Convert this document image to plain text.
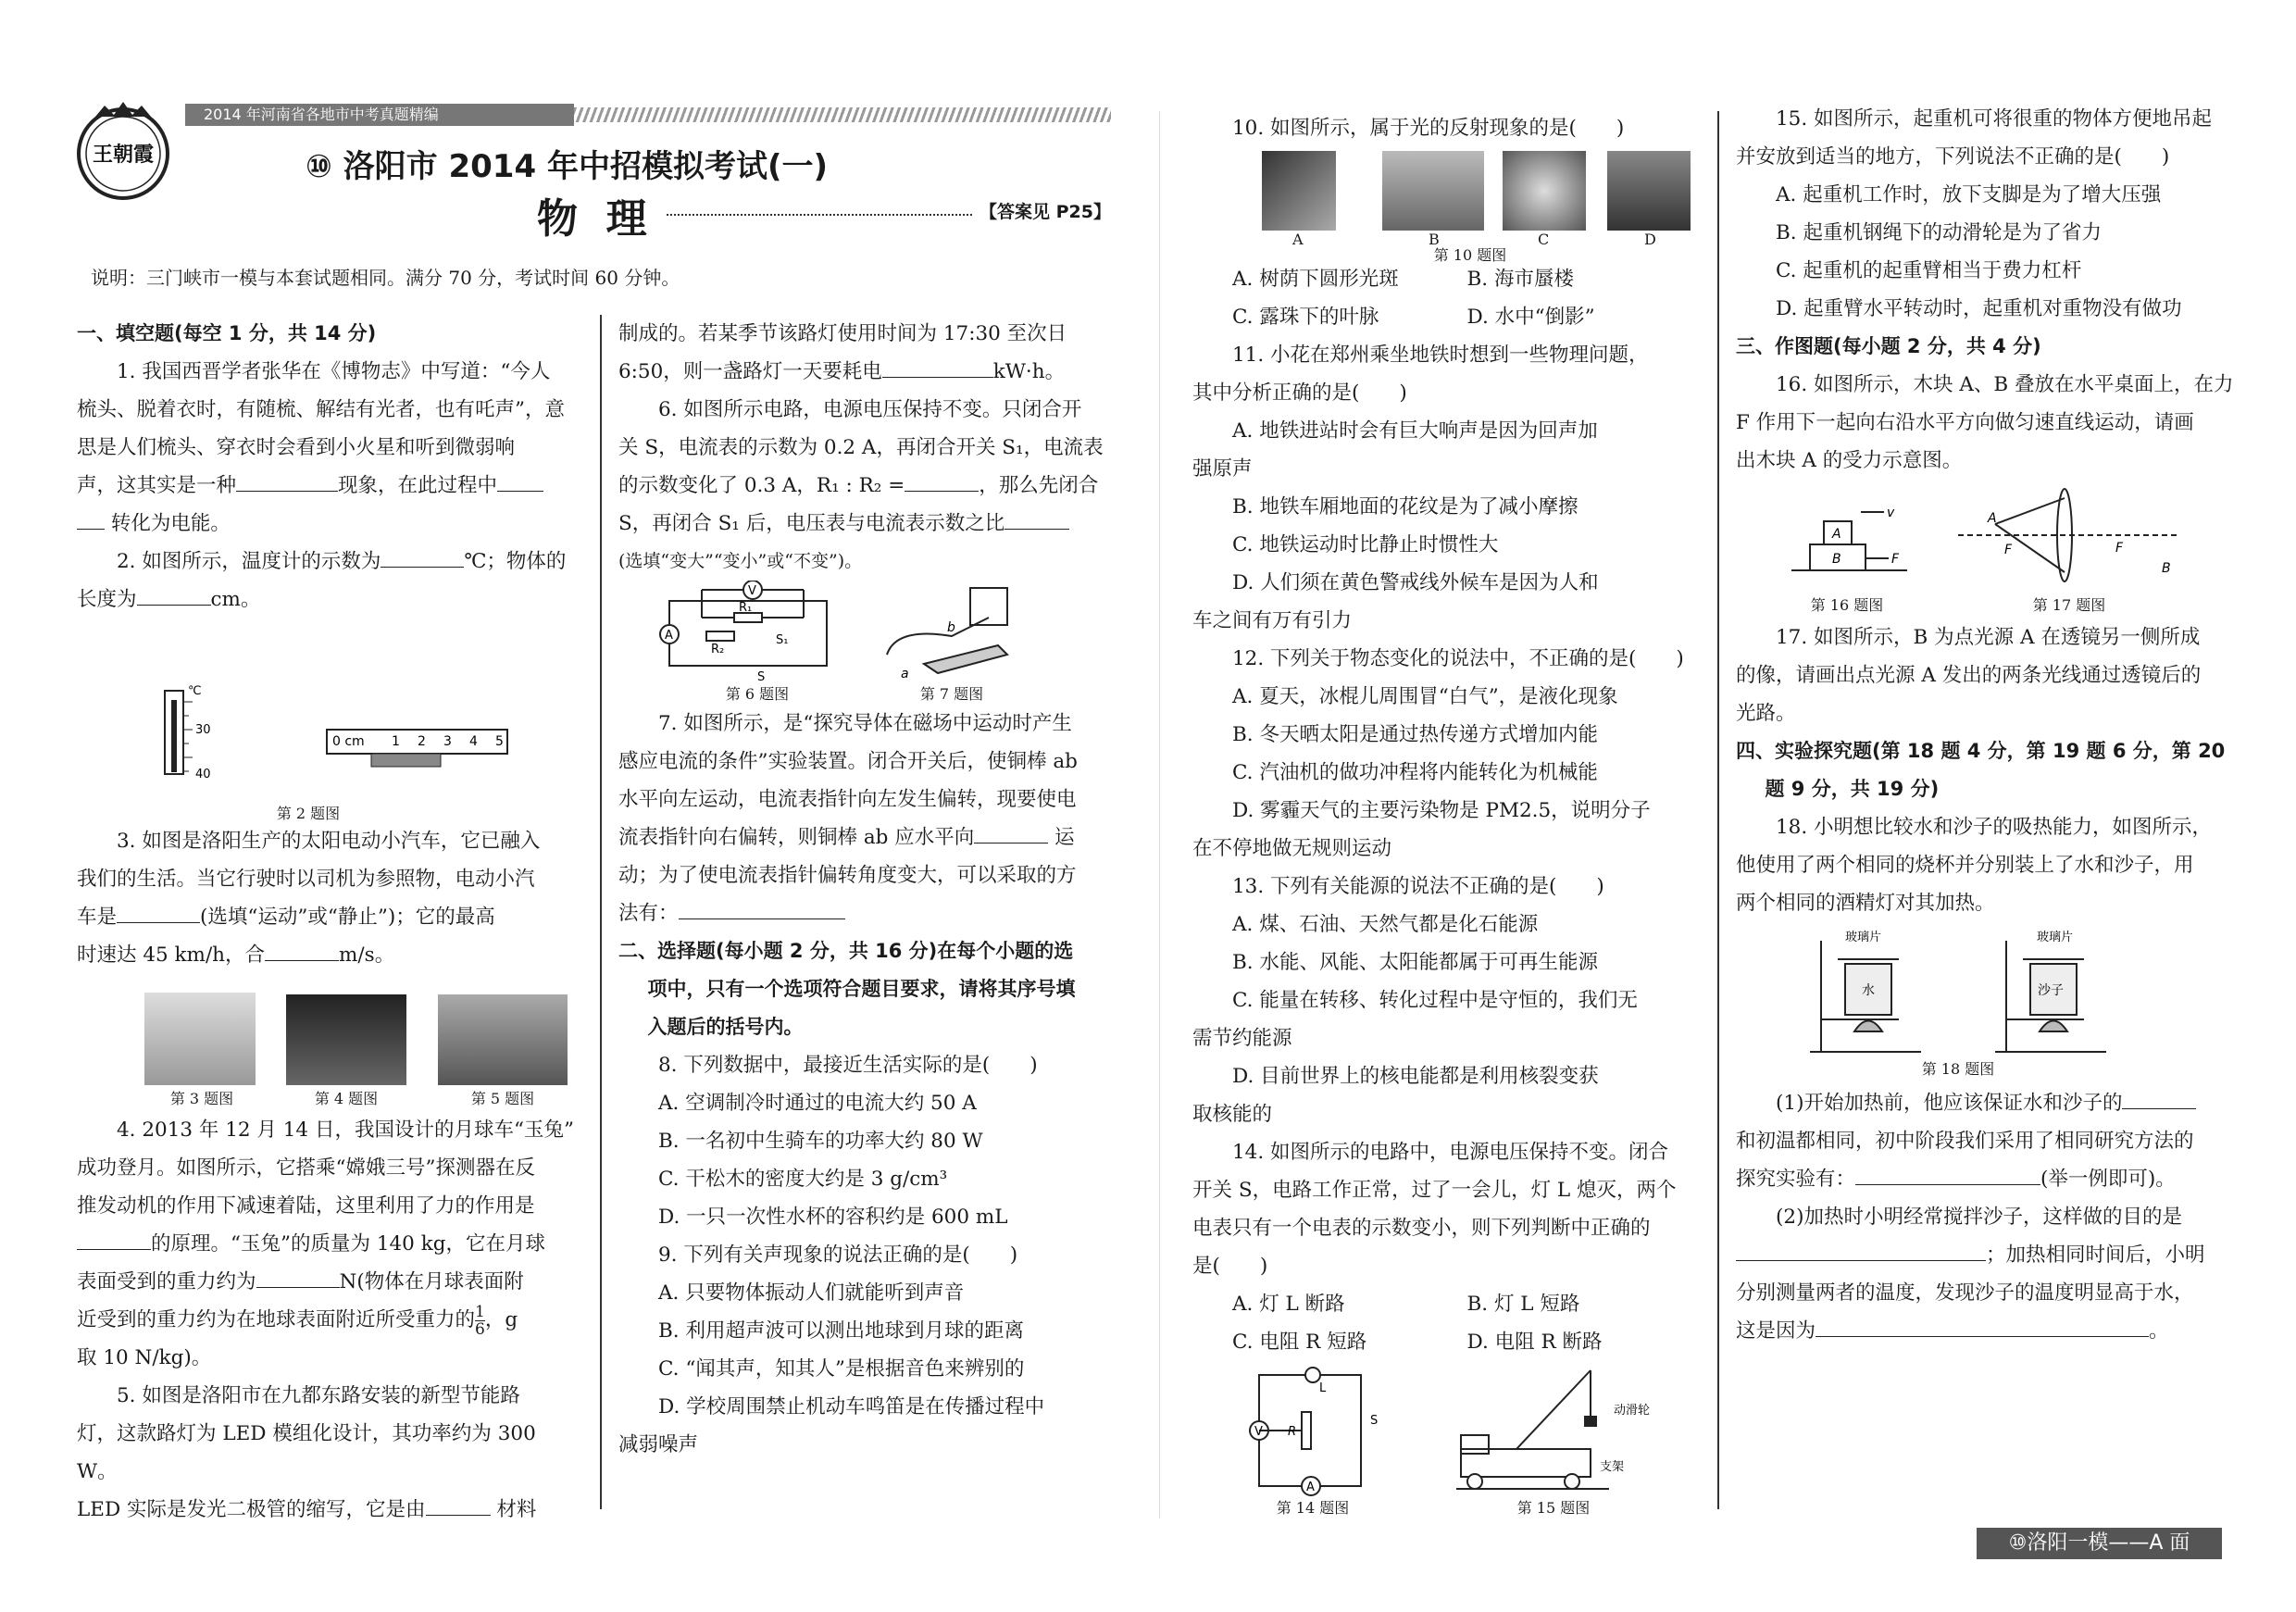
王朝霞
2014 年河南省各地市中考真题精编
⑩ 洛阳市 2014 年中招模拟考试(一)
物  理	【答案见 P25】
说明：三门峡市一模与本套试题相同。满分 70 分，考试时间 60 分钟。

一、填空题(每空 1 分，共 14 分)

1. 我国西晋学者张华在《博物志》中写道：“今人

梳头、脱着衣时，有随梳、解结有光者，也有吒声”，意

思是人们梳头、穿衣时会看到小火星和听到微弱响

声，这其实是一种	现象，在此过程中

转化为电能。

2. 如图所示，温度计的示数为	℃；物体的

长度为	cm。

℃
30
40
0 cm 1 2 3 4 5
第 2 题图

3. 如图是洛阳生产的太阳电动小汽车，它已融入

我们的生活。当它行驶时以司机为参照物，电动小汽

车是	(选填“运动”或“静止”)；它的最高

时速达 45 km/h，合	m/s。

第 3 题图	第 4 题图	第 5 题图

4. 2013 年 12 月 14 日，我国设计的月球车“玉兔”

成功登月。如图所示，它搭乘“嫦娥三号”探测器在反

推发动机的作用下减速着陆，这里利用了力的作用是

的原理。“玉兔”的质量为 140 kg，它在月球

表面受到的重力约为	N(物体在月球表面附

近受到的重力约为在地球表面附近所受重力的 $\frac{1}{6}$ ，g

取 10 N/kg)。

5. 如图是洛阳市在九都东路安装的新型节能路

灯，这款路灯为 LED 模组化设计，其功率约为 300 W。

LED 实际是发光二极管的缩写，它是由	材料

制成的。若某季节该路灯使用时间为 17:30 至次日

6:50，则一盏路灯一天要耗电	kW·h。

6. 如图所示电路，电源电压保持不变。只闭合开

关 S，电流表的示数为 0.2 A，再闭合开关 S₁，电流表

的示数变化了 0.3 A，R₁ : R₂ =	，那么先闭合

S，再闭合 S₁ 后，电压表与电流表示数之比

(选填“变大”“变小”或“不变”)。

V
R₁
A
R₂
S₁
S
b
a
第 6 题图	第 7 题图

7. 如图所示，是“探究导体在磁场中运动时产生

感应电流的条件”实验装置。闭合开关后，使铜棒 ab

水平向左运动，电流表指针向左发生偏转，现要使电

流表指针向右偏转，则铜棒 ab 应水平向	运

动；为了使电流表指针偏转角度变大，可以采取的方

法有：

二、选择题(每小题 2 分，共 16 分)在每个小题的选

项中，只有一个选项符合题目要求，请将其序号填

入题后的括号内。

8. 下列数据中，最接近生活实际的是(　　)

A. 空调制冷时通过的电流大约 50 A

B. 一名初中生骑车的功率大约 80 W

C. 干松木的密度大约是 3 g/cm³

D. 一只一次性水杯的容积约是 600 mL

9. 下列有关声现象的说法正确的是(　　)

A. 只要物体振动人们就能听到声音

B. 利用超声波可以测出地球到月球的距离

C. “闻其声，知其人”是根据音色来辨别的

D. 学校周围禁止机动车鸣笛是在传播过程中

减弱噪声

10. 如图所示，属于光的反射现象的是(　　)

A	B	C	D
第 10 题图

A. 树荫下圆形光斑	B. 海市蜃楼

C. 露珠下的叶脉	D. 水中“倒影”

11. 小花在郑州乘坐地铁时想到一些物理问题，

其中分析正确的是(　　)

A. 地铁进站时会有巨大响声是因为回声加

强原声

B. 地铁车厢地面的花纹是为了减小摩擦

C. 地铁运动时比静止时惯性大

D. 人们须在黄色警戒线外候车是因为人和

车之间有万有引力

12. 下列关于物态变化的说法中，不正确的是(　　)

A. 夏天，冰棍儿周围冒“白气”，是液化现象

B. 冬天晒太阳是通过热传递方式增加内能

C. 汽油机的做功冲程将内能转化为机械能

D. 雾霾天气的主要污染物是 PM2.5，说明分子

在不停地做无规则运动

13. 下列有关能源的说法不正确的是(　　)

A. 煤、石油、天然气都是化石能源

B. 水能、风能、太阳能都属于可再生能源

C. 能量在转移、转化过程中是守恒的，我们无

需节约能源

D. 目前世界上的核电能都是利用核裂变获

取核能的

14. 如图所示的电路中，电源电压保持不变。闭合

开关 S，电路工作正常，过了一会儿，灯 L 熄灭，两个

电表只有一个电表的示数变小，则下列判断中正确的

是(　　)

A. 灯 L 断路	B. 灯 L 短路

C. 电阻 R 短路	D. 电阻 R 断路

L
S
V R
A
动滑轮
支架
第 14 题图	第 15 题图

15. 如图所示，起重机可将很重的物体方便地吊起

并安放到适当的地方，下列说法不正确的是(　　)

A. 起重机工作时，放下支脚是为了增大压强

B. 起重机钢绳下的动滑轮是为了省力

C. 起重机的起重臂相当于费力杠杆

D. 起重臂水平转动时，起重机对重物没有做功

三、作图题(每小题 2 分，共 4 分)

16. 如图所示，木块 A、B 叠放在水平桌面上，在力

F 作用下一起向右沿水平方向做匀速直线运动，请画

出木块 A 的受力示意图。

A
B	F
v	A
F	F
B
第 16 题图	第 17 题图

17. 如图所示，B 为点光源 A 在透镜另一侧所成

的像，请画出点光源 A 发出的两条光线通过透镜后的

光路。

四、实验探究题(第 18 题 4 分，第 19 题 6 分，第 20

题 9 分，共 19 分)

18. 小明想比较水和沙子的吸热能力，如图所示，

他使用了两个相同的烧杯并分别装上了水和沙子，用

两个相同的酒精灯对其加热。

玻璃片
水
玻璃片
沙子
第 18 题图

(1)开始加热前，他应该保证水和沙子的

和初温都相同，初中阶段我们采用了相同研究方法的

探究实验有：	(举一例即可)。

(2)加热时小明经常搅拌沙子，这样做的目的是

；加热相同时间后，小明

分别测量两者的温度，发现沙子的温度明显高于水，

这是因为	。

⑩洛阳一模——A 面
